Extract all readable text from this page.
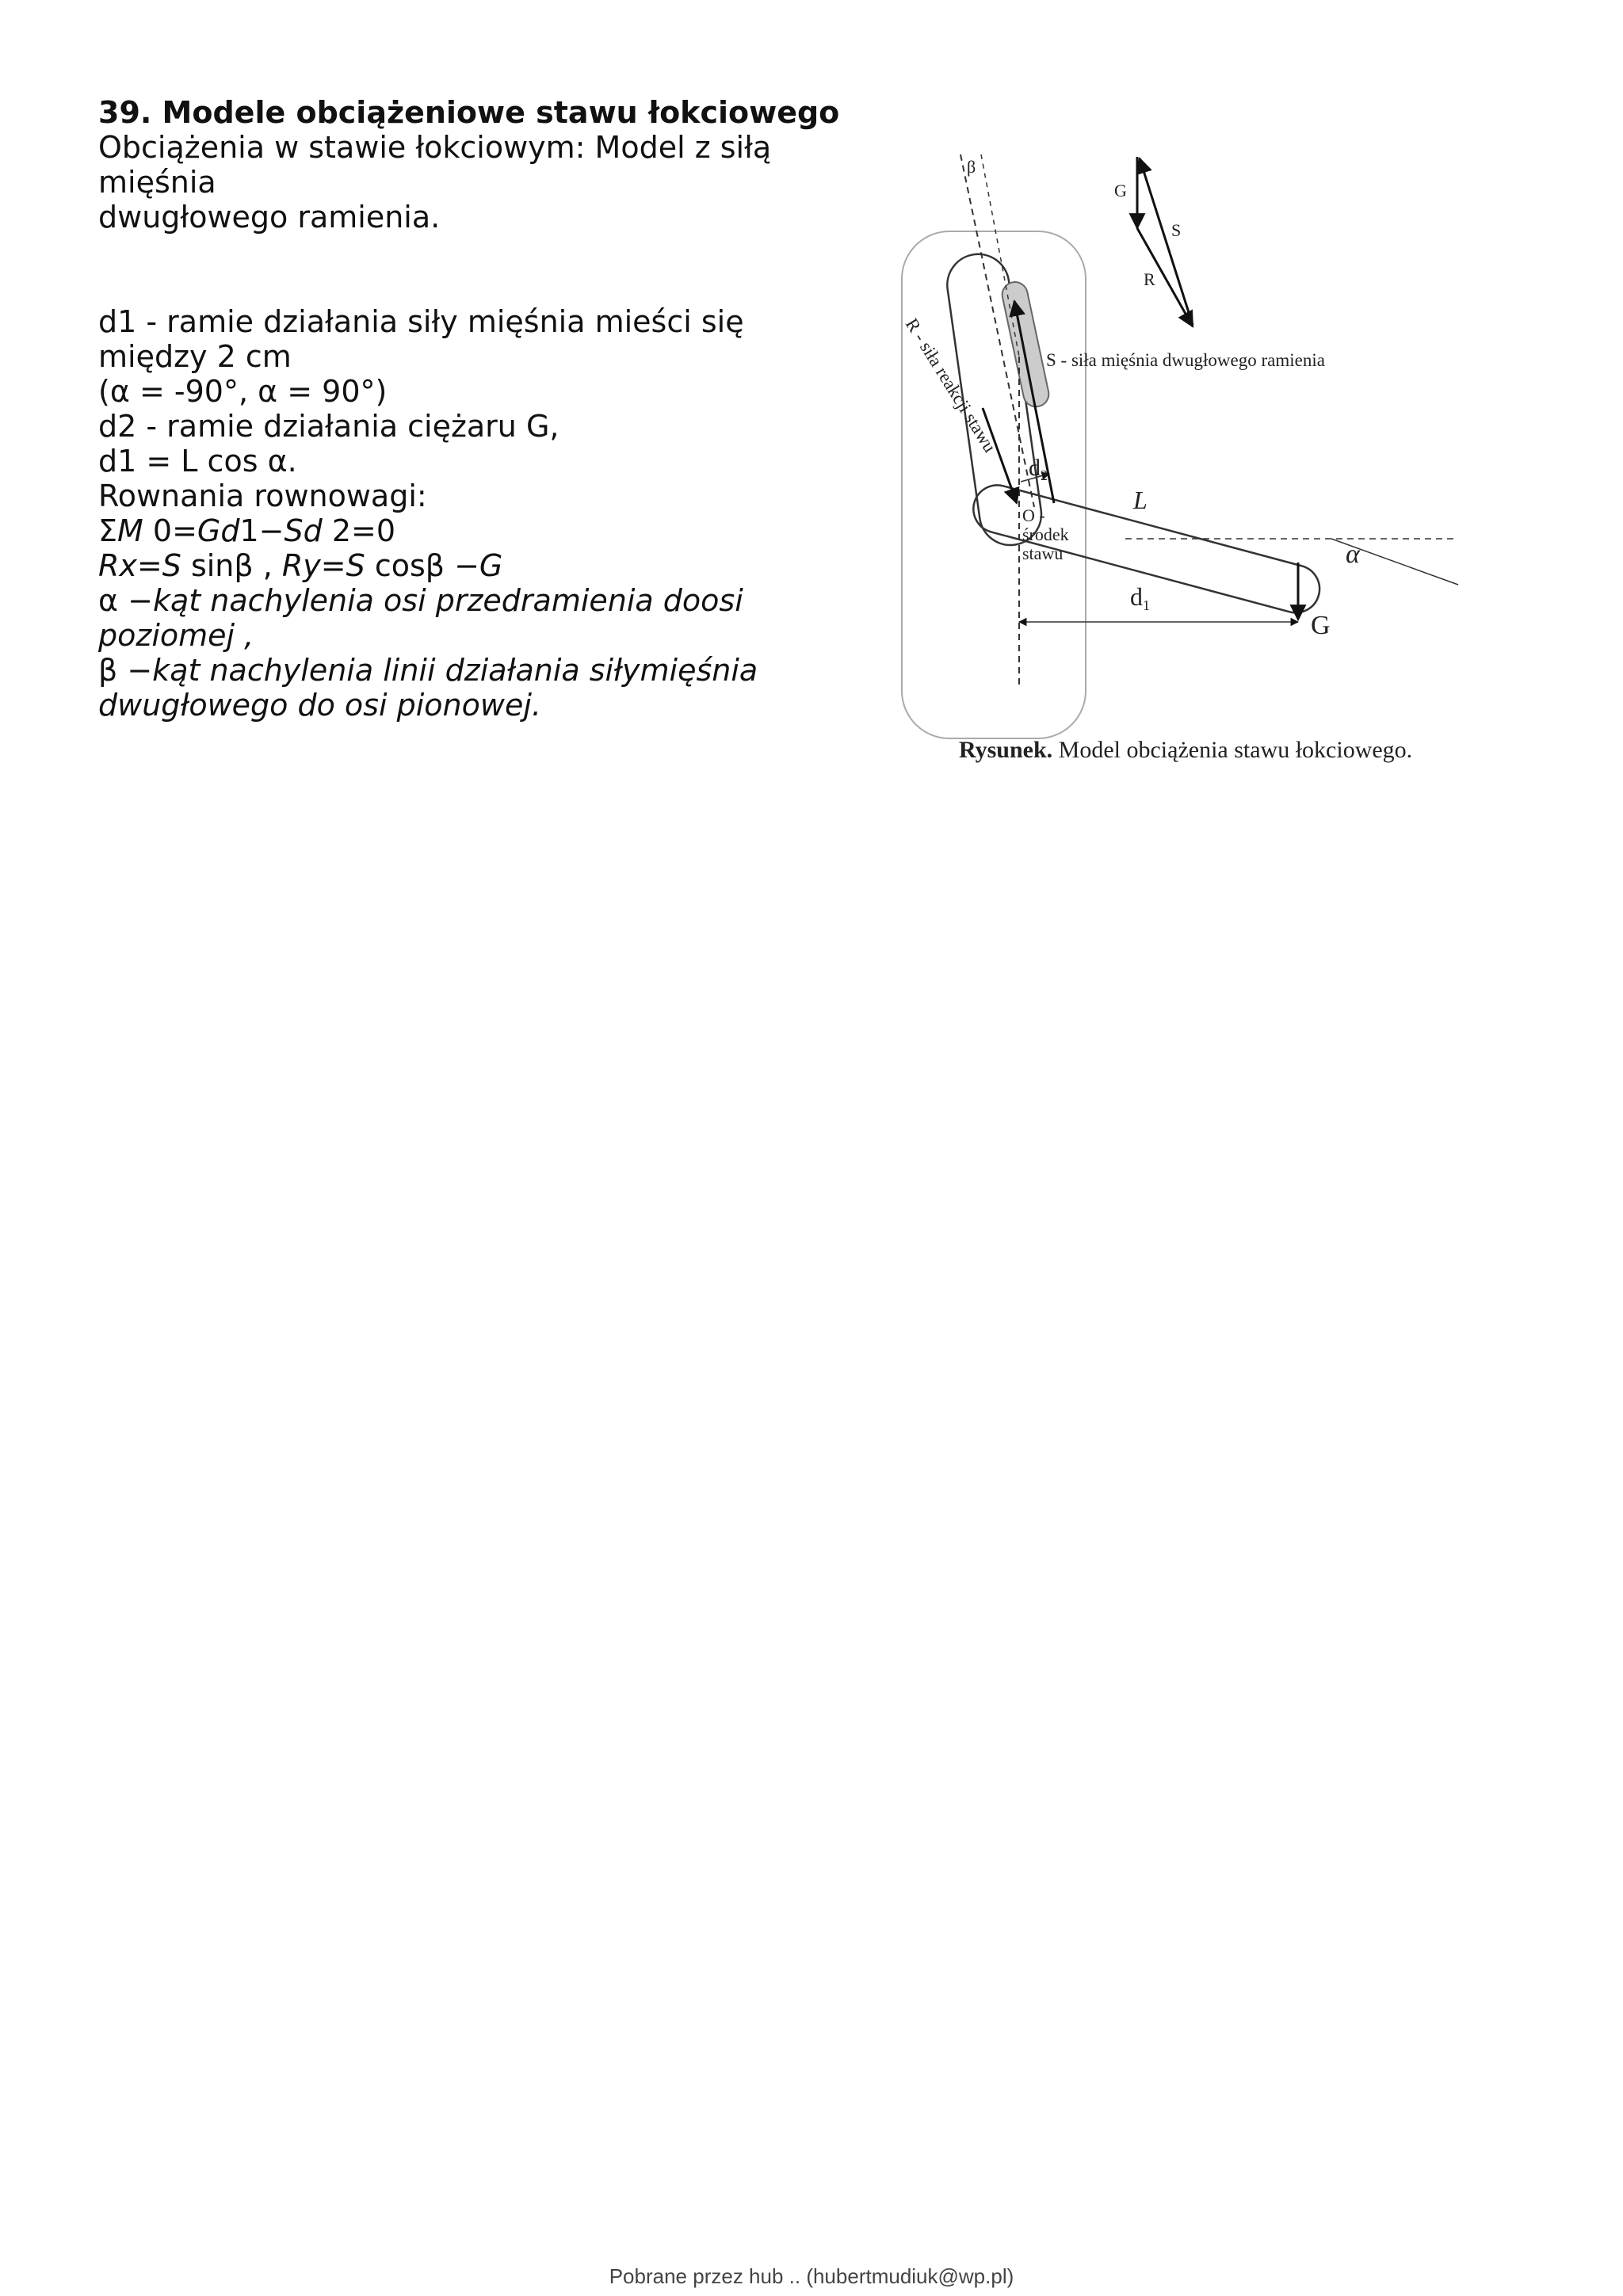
39. Modele obciążeniowe stawu łokciowego
Obciążenia w stawie łokciowym: Model z siłą
mięśnia
dwugłowego ramienia.
d1 - ramie działania siły mięśnia mieści się
między 2 cm
(α = -90°, α = 90°)
d2 - ramie działania ciężaru G,
d1 = L cos α.
Rownania rownowagi:
ΣM 0=Gd1−Sd 2=0
Rx=S sinβ , Ry=S cosβ −G
α −kąt nachylenia osi przedramienia doosi
poziomej ,
β −kąt nachylenia linii działania siłymięśnia
dwugłowego do osi pionowej.
β
G
S
R
S - siła mięśnia dwugłowego ramienia
R - siła reakcji stawu
$d_2$
L
O -
środek
stawu	α
d1
G
Rysunek. Model obciążenia stawu łokciowego.
Pobrane przez hub .. (hubertmudiuk@wp.pl)
